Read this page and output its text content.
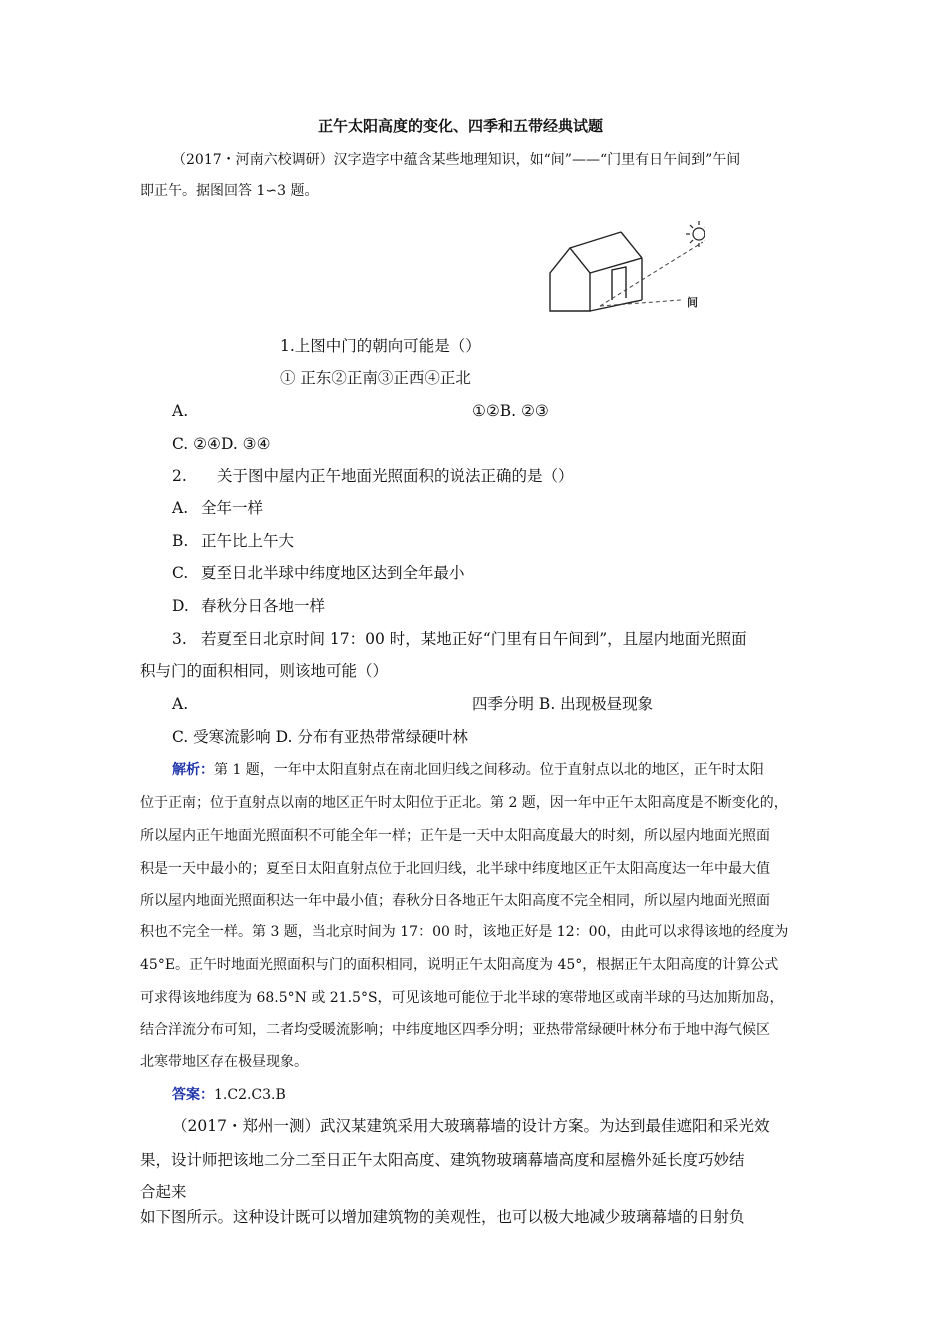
正午太阳高度的变化、四季和五带经典试题
（2017・河南六校调研）汉字造字中蕴含某些地理知识，如“间”——“门里有日午间到”午间
即正午。据图回答 1∽3 题。
间
1.上图中门的朝向可能是（）
① 正东②正南③正西④正北
A.	①②B. ②③
C. ②④D. ③④
2. 关于图中屋内正午地面光照面积的说法正确的是（）
A. 全年一样
B. 正午比上午大
C. 夏至日北半球中纬度地区达到全年最小
D. 春秋分日各地一样
3. 若夏至日北京时间 17：00 时，某地正好“门里有日午间到”，且屋内地面光照面
积与门的面积相同，则该地可能（）
A.	四季分明 B. 出现极昼现象
C. 受寒流影响 D. 分布有亚热带常绿硬叶林
解析：第 1 题，一年中太阳直射点在南北回归线之间移动。位于直射点以北的地区，正午时太阳
位于正南；位于直射点以南的地区正午时太阳位于正北。第 2 题，因一年中正午太阳高度是不断变化的，
所以屋内正午地面光照面积不可能全年一样；正午是一天中太阳高度最大的时刻，所以屋内地面光照面
积是一天中最小的；夏至日太阳直射点位于北回归线，北半球中纬度地区正午太阳高度达一年中最大值
所以屋内地面光照面积达一年中最小值；春秋分日各地正午太阳高度不完全相同，所以屋内地面光照面
积也不完全一样。第 3 题，当北京时间为 17：00 时，该地正好是 12：00，由此可以求得该地的经度为
45°E。正午时地面光照面积与门的面积相同，说明正午太阳高度为 45°，根据正午太阳高度的计算公式
可求得该地纬度为 68.5°N 或 21.5°S，可见该地可能位于北半球的寒带地区或南半球的马达加斯加岛，
结合洋流分布可知，二者均受暖流影响；中纬度地区四季分明；亚热带常绿硬叶林分布于地中海气候区
北寒带地区存在极昼现象。
答案：1.C2.C3.B
（2017・郑州一测）武汉某建筑采用大玻璃幕墙的设计方案。为达到最佳遮阳和采光效
果，设计师把该地二分二至日正午太阳高度、建筑物玻璃幕墙高度和屋檐外延长度巧妙结
合起来
如下图所示。这种设计既可以增加建筑物的美观性，也可以极大地减少玻璃幕墙的日射负
